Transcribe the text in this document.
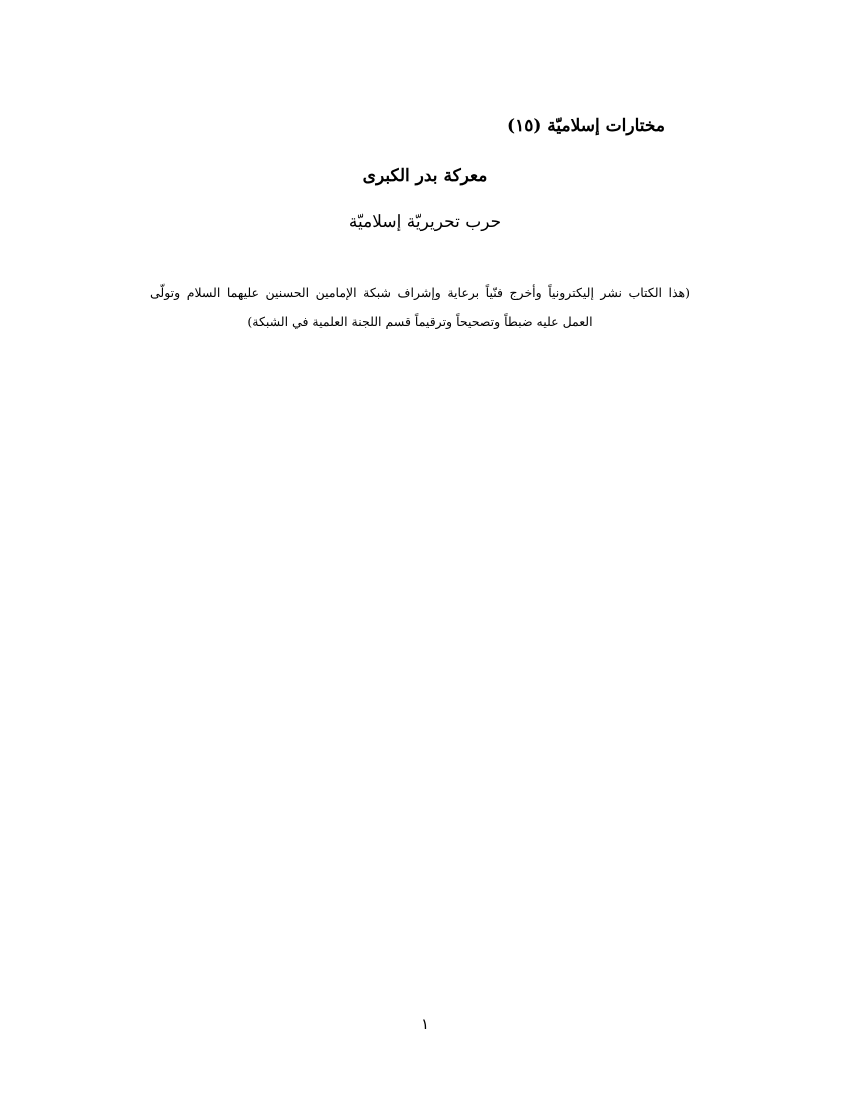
مختارات إسلاميّة (١٥)
معركة بدر الكبرى
حرب تحريريّة إسلاميّة
(هذا الكتاب نشر إليكترونياً وأخرج فنّياً برعاية وإشراف شبكة الإمامين الحسنين عليهما السلام وتولّى العمل عليه ضبطاً وتصحيحاً وترقيماً قسم اللجنة العلمية في الشبكة)
١
